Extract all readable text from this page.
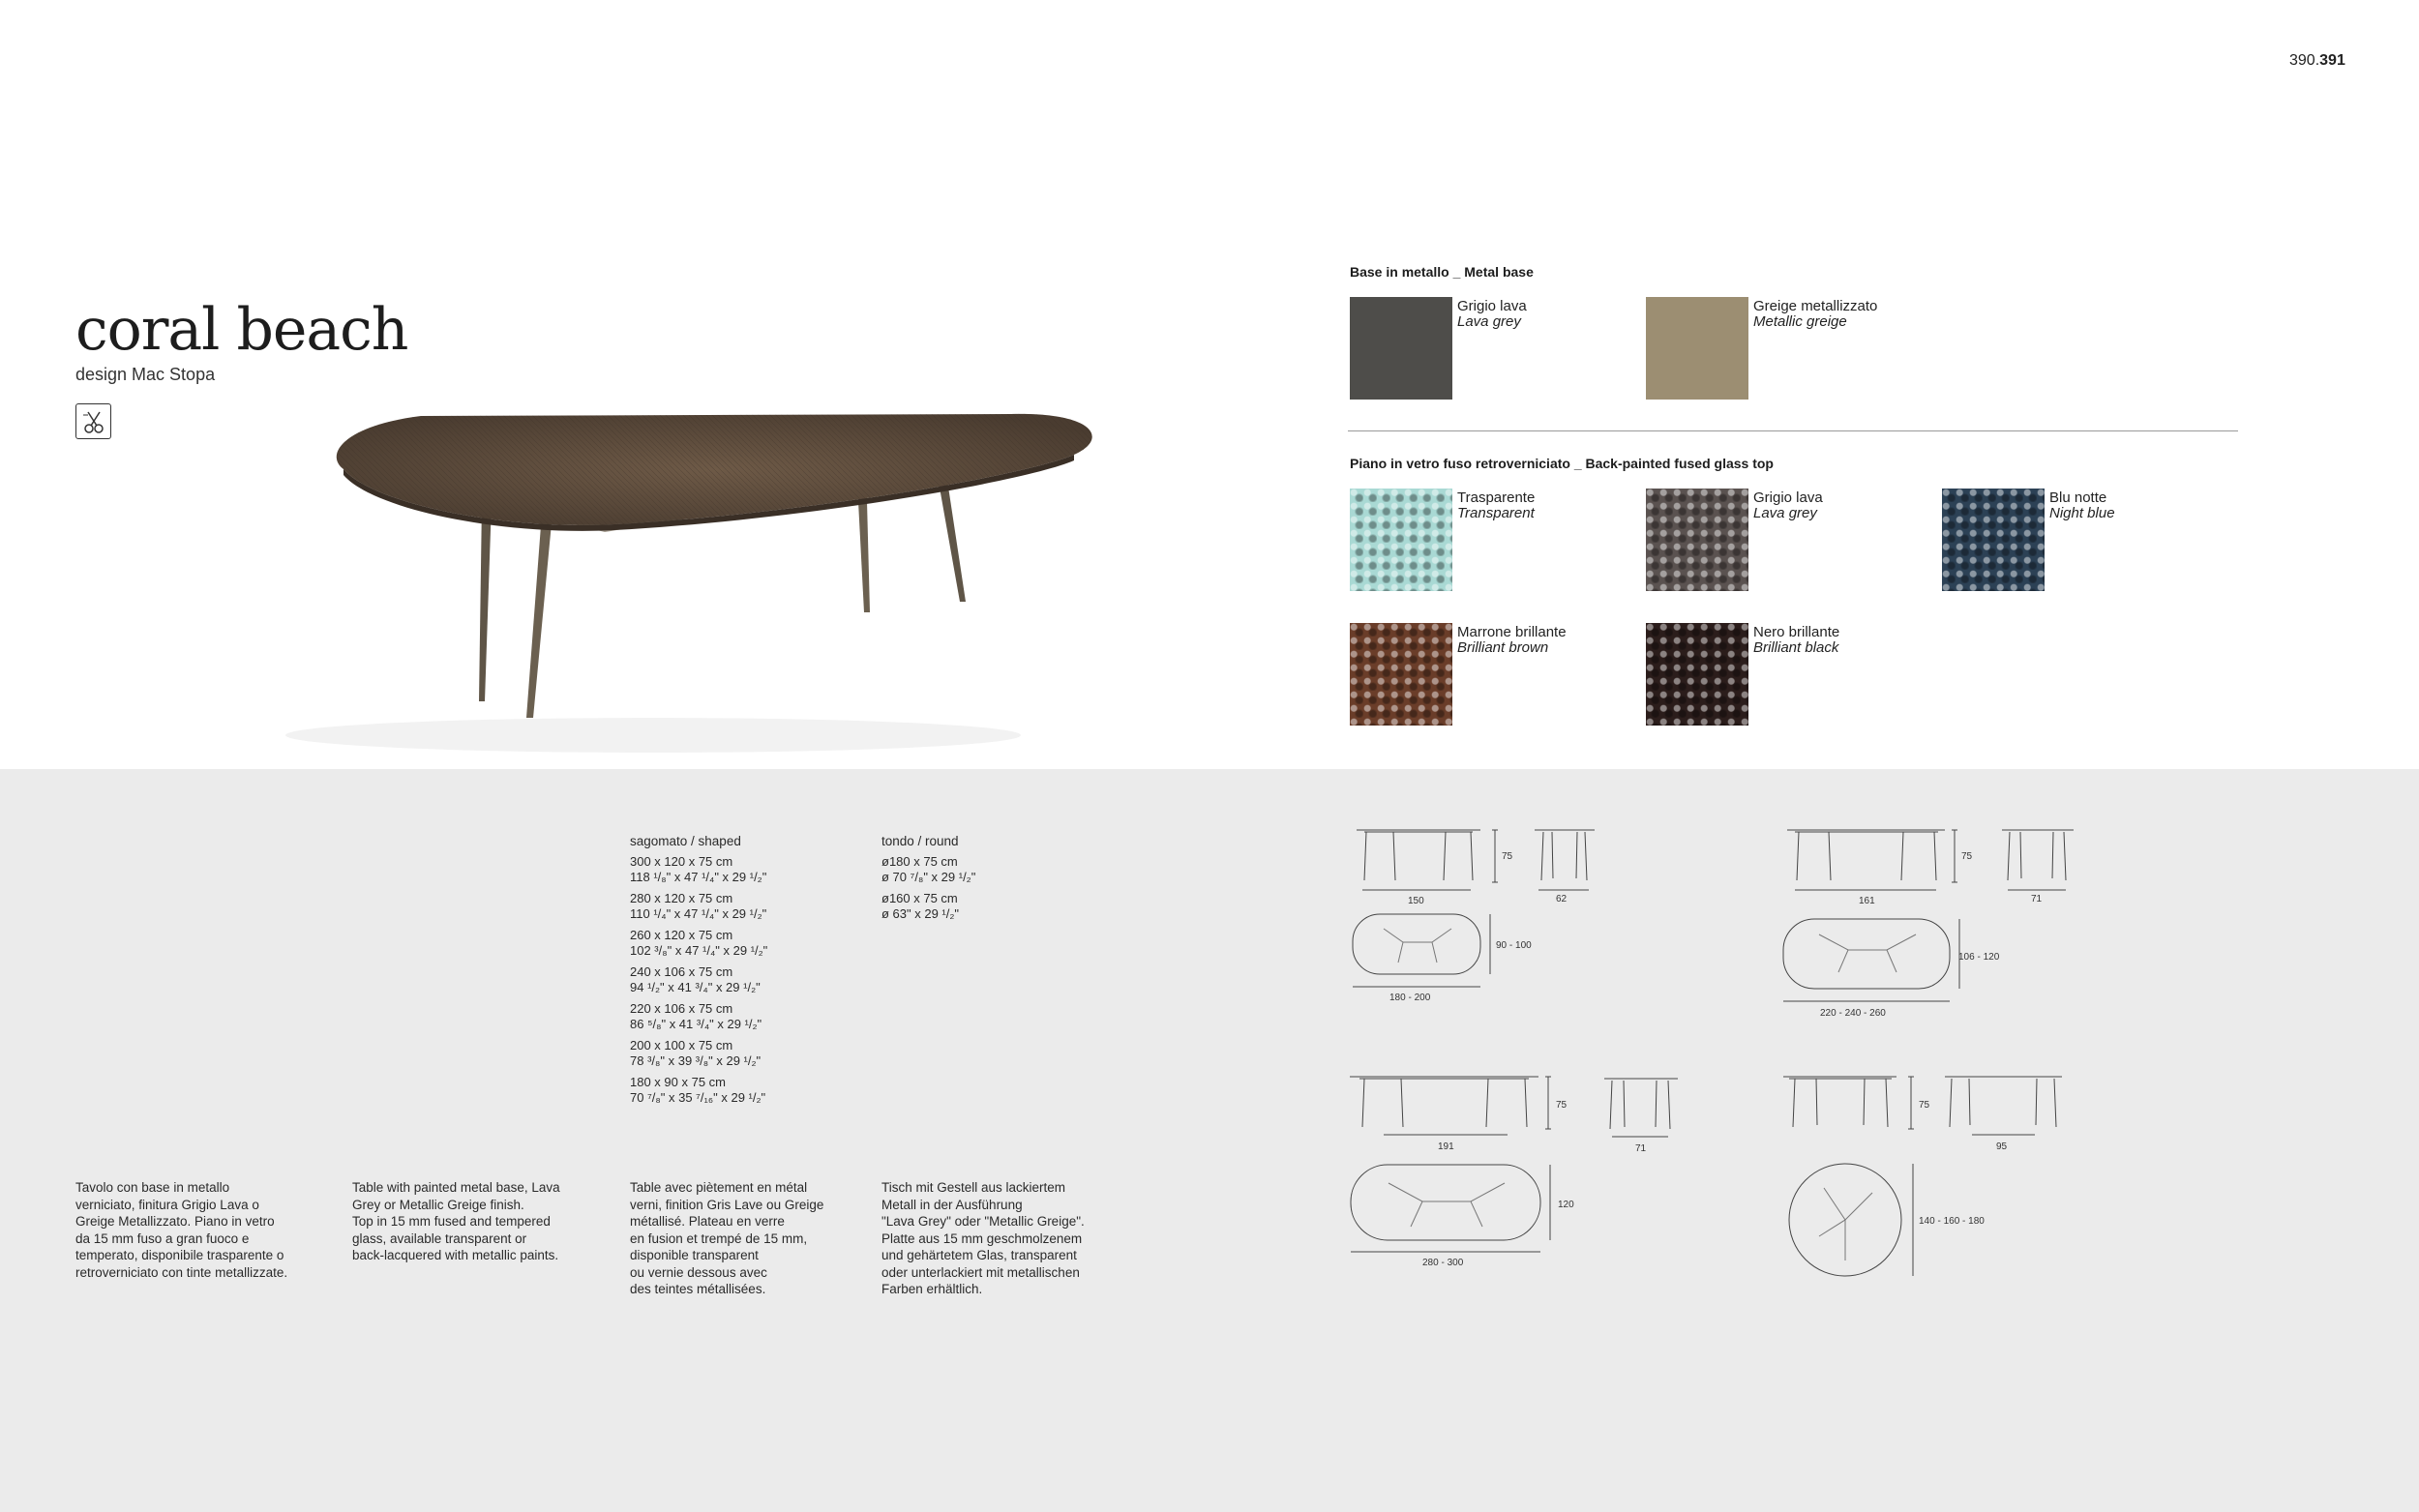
390.391
coral beach
design Mac Stopa
Base in metallo _ Metal base
Grigio lava
Lava grey
Greige metallizzato
Metallic greige
Piano in vetro fuso retroverniciato _ Back-painted fused glass top
Trasparente
Transparent
Grigio lava
Lava grey
Blu notte
Night blue
Marrone brillante
Brilliant brown
Nero brillante
Brilliant black
sagomato / shaped
300 x 120 x 75 cm
118 ¹/₈" x 47 ¹/₄" x 29 ¹/₂"
280 x 120 x 75 cm
110 ¹/₄" x 47 ¹/₄" x 29 ¹/₂"
260 x 120 x 75 cm
102 ³/₈" x 47 ¹/₄" x 29 ¹/₂"
240 x 106 x 75 cm
94 ¹/₂" x 41 ³/₄" x 29 ¹/₂"
220 x 106 x 75 cm
86 ⁵/₈" x 41 ³/₄" x 29 ¹/₂"
200 x 100 x 75 cm
78 ³/₈" x 39 ³/₈" x 29 ¹/₂"
180 x 90 x 75 cm
70 ⁷/₈" x 35 ⁷/₁₆" x 29 ¹/₂"
tondo / round
ø180 x 75 cm
ø 70 ⁷/₈" x 29 ¹/₂"
ø160 x 75 cm
ø 63" x 29 ¹/₂"
Tavolo con base in metallo
verniciato, finitura Grigio Lava o
Greige Metallizzato. Piano in vetro
da 15 mm fuso a gran fuoco e
temperato, disponibile trasparente o
retroverniciato con tinte metallizzate.
Table with painted metal base, Lava
Grey or Metallic Greige finish.
Top in 15 mm fused and tempered
glass, available transparent or
back-lacquered with metallic paints.
Table avec piètement en métal
verni, finition Gris Lave ou Greige
métallisé. Plateau en verre
en fusion et trempé de 15 mm,
disponible transparent
ou vernie dessous avec
des teintes métallisées.
Tisch mit Gestell aus lackiertem
Metall in der Ausführung
"Lava Grey" oder "Metallic Greige".
Platte aus 15 mm geschmolzenem
und gehärtetem Glas, transparent
oder unterlackiert mit metallischen
Farben erhältlich.
75
150	62
90 - 100
180 - 200
75
161	71
106 - 120
220 - 240 - 260
75
191	71
120
280 - 300
75
95
140 - 160 - 180
